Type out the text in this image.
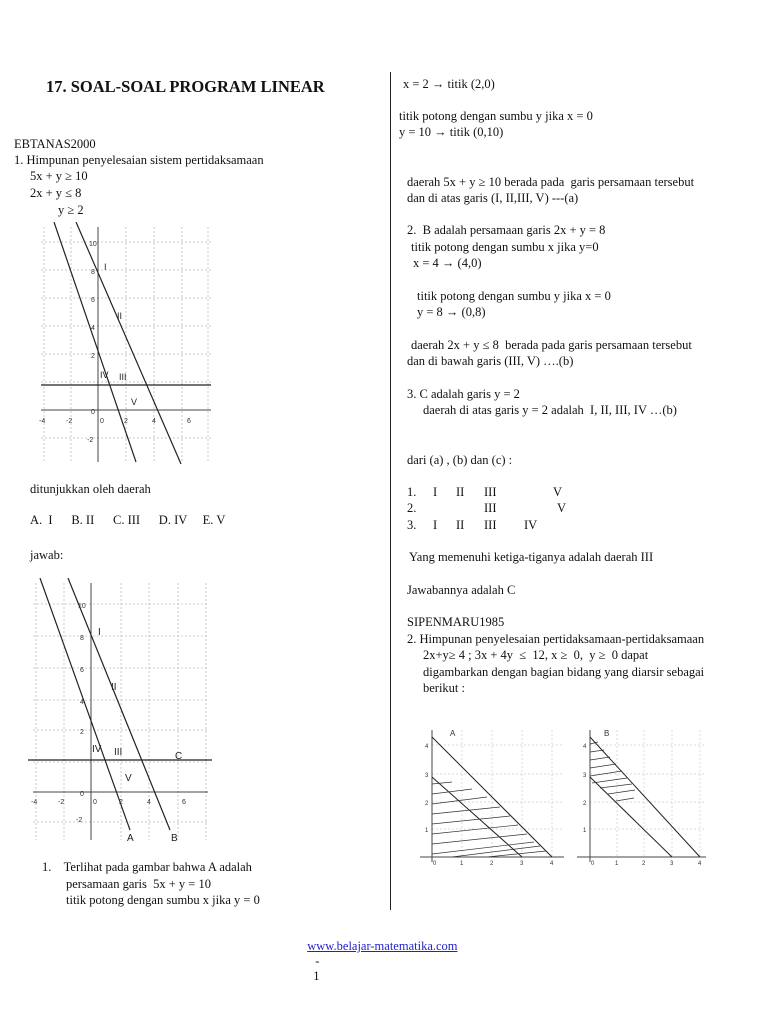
17. SOAL-SOAL PROGRAM LINEAR
EBTANAS2000
1. Himpunan penyelesaian sistem pertidaksamaan
5x + y ≥ 10
2x + y ≤ 8
y ≥ 2
10
8
6
4
2
0
-2
-4	-2	0	2	4	6
I
II
III
IV
V
ditunjukkan oleh daerah
A.  I      B. II      C. III      D. IV     E. V
jawab:
10
8
6
4
2
0
-2
-4	-2	0	2	4	6
I
II
III
IV
V
A	B
C
1.    Terlihat pada gambar bahwa A adalah
persamaan garis  5x + y = 10
titik potong dengan sumbu x jika y = 0
x = 2 → titik (2,0)
titik potong dengan sumbu y jika x = 0
y = 10 → titik (0,10)
daerah 5x + y ≥ 10 berada pada  garis persamaan tersebut
dan di atas garis (I, II,III, V) ---(a)
2.  B adalah persamaan garis 2x + y = 8
titik potong dengan sumbu x jika y=0
x = 4 → (4,0)
titik potong dengan sumbu y jika x = 0
y = 8 → (0,8)
daerah 2x + y ≤ 8  berada pada garis persamaan tersebut
dan di bawah garis (III, V) ….(b)
3. C adalah garis y = 2
daerah di atas garis y = 2 adalah  I, II, III, IV …(b)
dari (a) , (b) dan (c) :
1. I II III	V
2.	III	V
3. I II III IV
Yang memenuhi ketiga-tiganya adalah daerah III
Jawabannya adalah C
SIPENMARU1985
2. Himpunan penyelesaian pertidaksamaan-pertidaksamaan
2x+y≥ 4 ; 3x + 4y  ≤  12, x ≥  0,  y ≥  0 dapat
digambarkan dengan bagian bidang yang diarsir sebagai
berikut :
A
4
3
2
1
0	1	2	3	4
B
4
3
2
1
0	1	2	3	4

www.belajar-matematika.com
-
1
